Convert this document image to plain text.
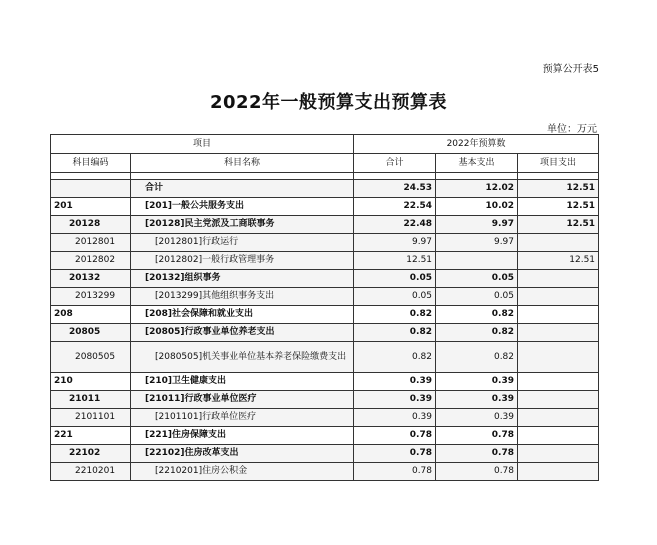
预算公开表5
2022年一般预算支出预算表
单位：万元
项目		2022年预算数		
科目编码	科目名称	合计	基本支出	项目支出

	合计	24.53	12.02	12.51
201	[201]一般公共服务支出	22.54	10.02	12.51
20128	[20128]民主党派及工商联事务	22.48	9.97	12.51
2012801	[2012801]行政运行	9.97	9.97	
2012802	[2012802]一般行政管理事务	12.51		12.51
20132	[20132]组织事务	0.05	0.05	
2013299	[2013299]其他组织事务支出	0.05	0.05	
208	[208]社会保障和就业支出	0.82	0.82	
20805	[20805]行政事业单位养老支出	0.82	0.82	
2080505	[2080505]机关事业单位基本养老保险缴费支出	0.82	0.82	
210	[210]卫生健康支出	0.39	0.39	
21011	[21011]行政事业单位医疗	0.39	0.39	
2101101	[2101101]行政单位医疗	0.39	0.39	
221	[221]住房保障支出	0.78	0.78	
22102	[22102]住房改革支出	0.78	0.78	
2210201	[2210201]住房公积金	0.78	0.78	
